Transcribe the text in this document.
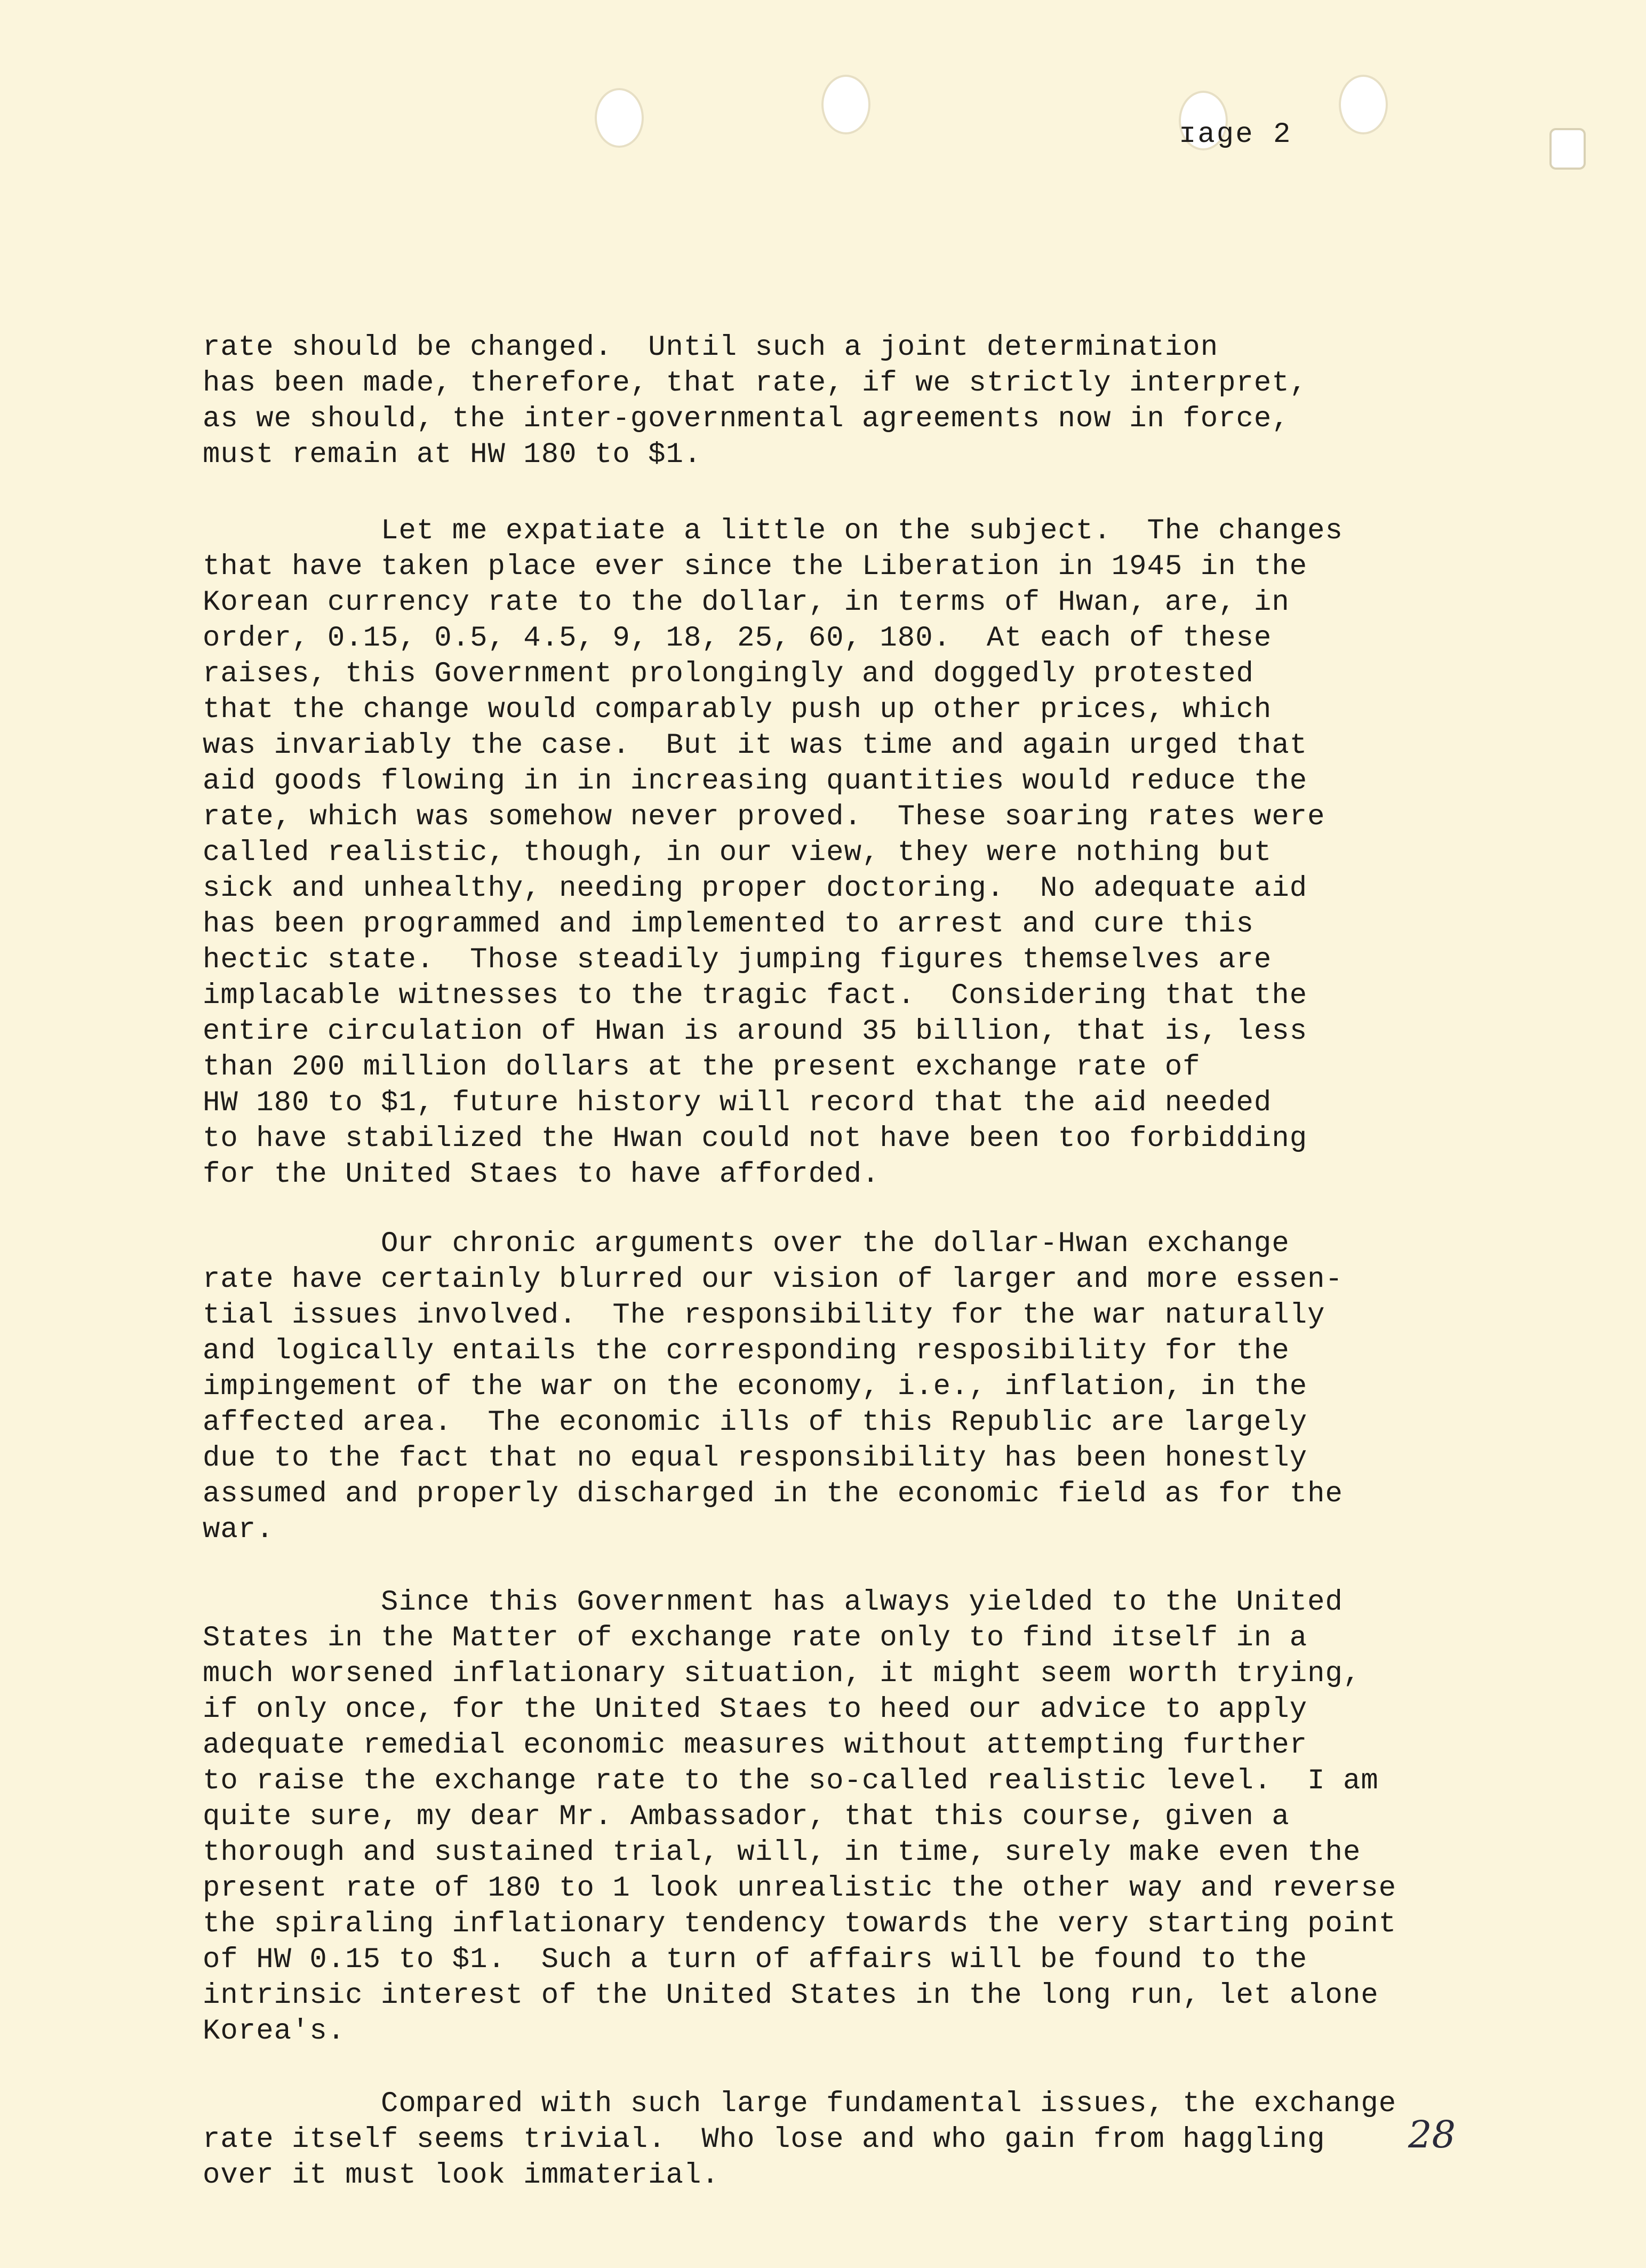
ɪage 2

rate should be changed.  Until such a joint determination
has been made, therefore, that rate, if we strictly interpret,
as we should, the inter-governmental agreements now in force,
must remain at HW 180 to $1.

Let me expatiate a little on the subject.  The changes
that have taken place ever since the Liberation in 1945 in the
Korean currency rate to the dollar, in terms of Hwan, are, in
order, 0.15, 0.5, 4.5, 9, 18, 25, 60, 180.  At each of these
raises, this Government prolongingly and doggedly protested
that the change would comparably push up other prices, which
was invariably the case.  But it was time and again urged that
aid goods flowing in in increasing quantities would reduce the
rate, which was somehow never proved.  These soaring rates were
called realistic, though, in our view, they were nothing but
sick and unhealthy, needing proper doctoring.  No adequate aid
has been programmed and implemented to arrest and cure this
hectic state.  Those steadily jumping figures themselves are
implacable witnesses to the tragic fact.  Considering that the
entire circulation of Hwan is around 35 billion, that is, less
than 200 million dollars at the present exchange rate of
HW 180 to $1, future history will record that the aid needed
to have stabilized the Hwan could not have been too forbidding
for the United Staes to have afforded.

Our chronic arguments over the dollar-Hwan exchange
rate have certainly blurred our vision of larger and more essen-
tial issues involved.  The responsibility for the war naturally
and logically entails the corresponding resposibility for the
impingement of the war on the economy, i.e., inflation, in the
affected area.  The economic ills of this Republic are largely
due to the fact that no equal responsibility has been honestly
assumed and properly discharged in the economic field as for the
war.

Since this Government has always yielded to the United
States in the Matter of exchange rate only to find itself in a
much worsened inflationary situation, it might seem worth trying,
if only once, for the United Staes to heed our advice to apply
adequate remedial economic measures without attempting further
to raise the exchange rate to the so-called realistic level.  I am
quite sure, my dear Mr. Ambassador, that this course, given a
thorough and sustained trial, will, in time, surely make even the
present rate of 180 to 1 look unrealistic the other way and reverse
the spiraling inflationary tendency towards the very starting point
of HW 0.15 to $1.  Such a turn of affairs will be found to the
intrinsic interest of the United States in the long run, let alone
Korea's.

Compared with such large fundamental issues, the exchange
rate itself seems trivial.  Who lose and who gain from haggling
over it must look immaterial.

28
